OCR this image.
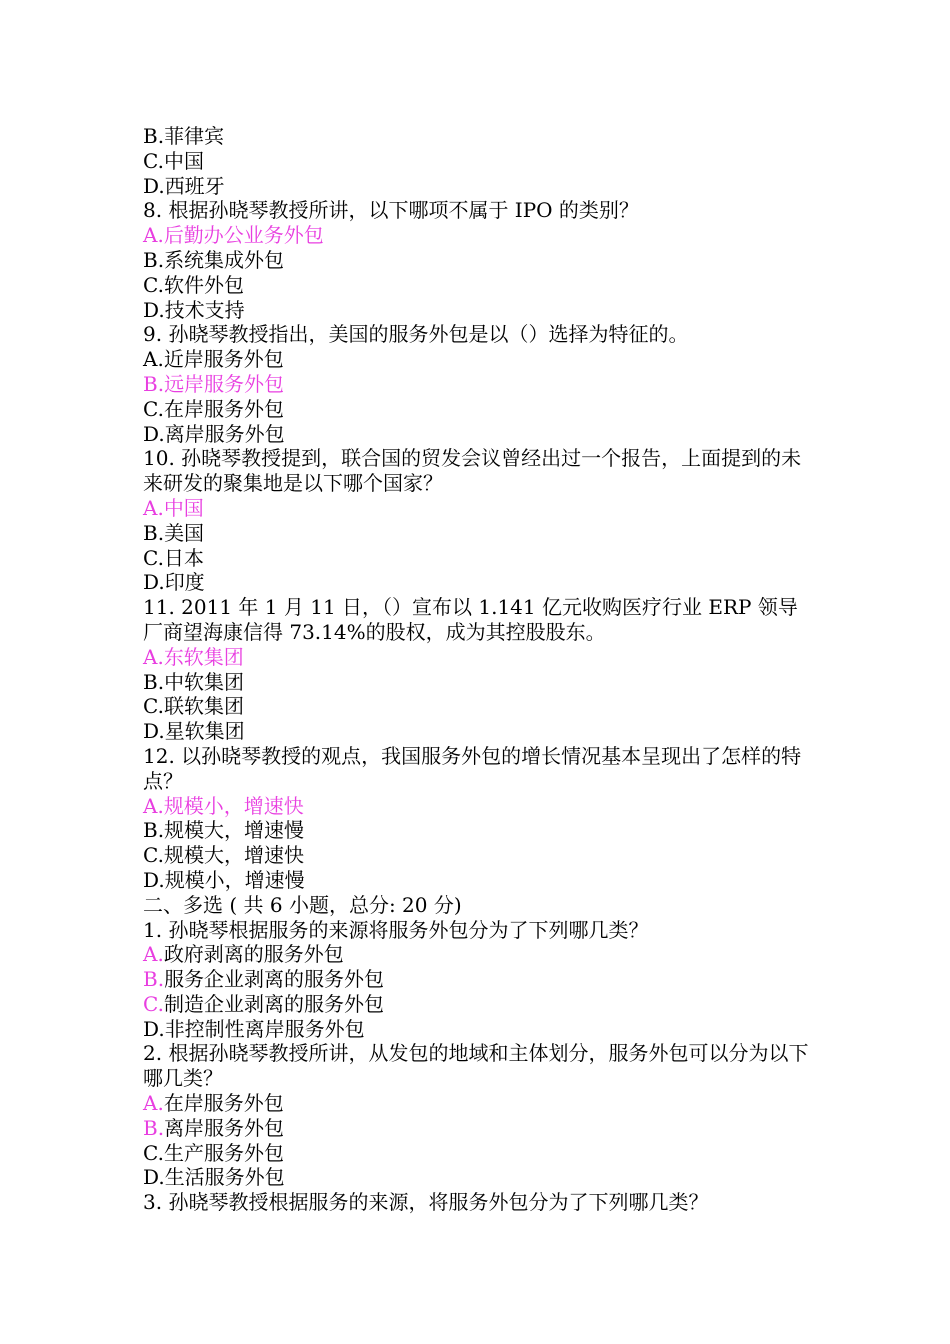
B.菲律宾
C.中国
D.西班牙
8. 根据孙晓琴教授所讲，以下哪项不属于 IPO 的类别？
A.后勤办公业务外包
B.系统集成外包
C.软件外包
D.技术支持
9. 孙晓琴教授指出，美国的服务外包是以（）选择为特征的。
A.近岸服务外包
B.远岸服务外包
C.在岸服务外包
D.离岸服务外包
10. 孙晓琴教授提到，联合国的贸发会议曾经出过一个报告，上面提到的未来研发的聚集地是以下哪个国家？
A.中国
B.美国
C.日本
D.印度
11. 2011 年 1 月 11 日，（）宣布以 1.141 亿元收购医疗行业 ERP 领导厂商望海康信得 73.14%的股权，成为其控股股东。
A.东软集团
B.中软集团
C.联软集团
D.星软集团
12. 以孙晓琴教授的观点，我国服务外包的增长情况基本呈现出了怎样的特点？
A.规模小，增速快
B.规模大，增速慢
C.规模大，增速快
D.规模小，增速慢
二、多选 ( 共 6 小题，总分: 20 分)
1. 孙晓琴根据服务的来源将服务外包分为了下列哪几类？
A.政府剥离的服务外包
B.服务企业剥离的服务外包
C.制造企业剥离的服务外包
D.非控制性离岸服务外包
2. 根据孙晓琴教授所讲，从发包的地域和主体划分，服务外包可以分为以下哪几类？
A.在岸服务外包
B.离岸服务外包
C.生产服务外包
D.生活服务外包
3. 孙晓琴教授根据服务的来源，将服务外包分为了下列哪几类？
